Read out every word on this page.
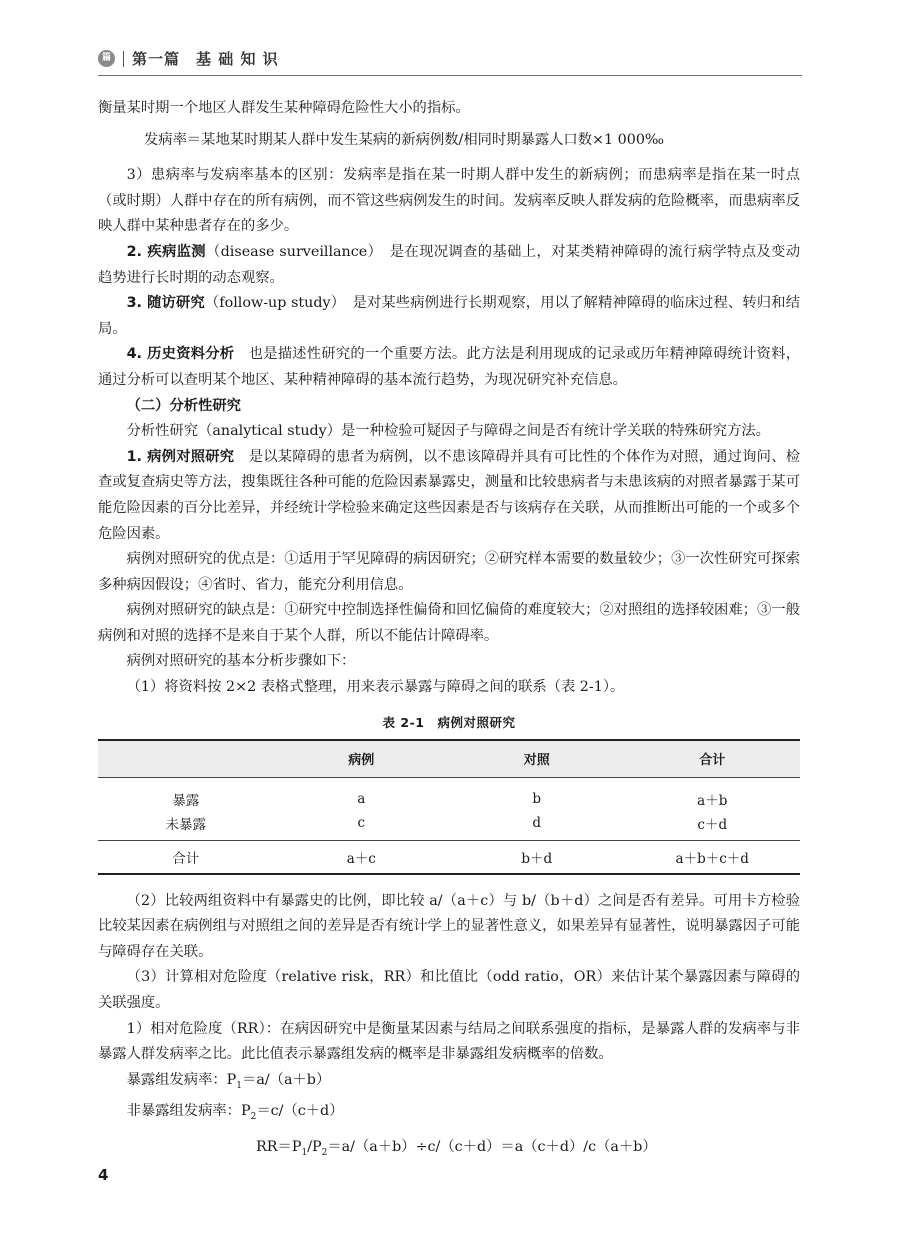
篇 第一篇　基 础 知 识

衡量某时期一个地区人群发生某种障碍危险性大小的指标。

发病率＝某地某时期某人群中发生某病的新病例数/相同时期暴露人口数×1 000‰

3）患病率与发病率基本的区别：发病率是指在某一时期人群中发生的新病例；而患病率是指在某一时点（或时期）人群中存在的所有病例，而不管这些病例发生的时间。发病率反映人群发病的危险概率，而患病率反映人群中某种患者存在的多少。

2. 疾病监测（disease surveillance）　是在现况调查的基础上，对某类精神障碍的流行病学特点及变动趋势进行长时期的动态观察。

3. 随访研究（follow-up study）　是对某些病例进行长期观察，用以了解精神障碍的临床过程、转归和结局。

4. 历史资料分析　也是描述性研究的一个重要方法。此方法是利用现成的记录或历年精神障碍统计资料，通过分析可以查明某个地区、某种精神障碍的基本流行趋势，为现况研究补充信息。

（二）分析性研究

分析性研究（analytical study）是一种检验可疑因子与障碍之间是否有统计学关联的特殊研究方法。

1. 病例对照研究　是以某障碍的患者为病例，以不患该障碍并具有可比性的个体作为对照，通过询问、检查或复查病史等方法，搜集既往各种可能的危险因素暴露史，测量和比较患病者与未患该病的对照者暴露于某可能危险因素的百分比差异，并经统计学检验来确定这些因素是否与该病存在关联，从而推断出可能的一个或多个危险因素。

病例对照研究的优点是：①适用于罕见障碍的病因研究；②研究样本需要的数量较少；③一次性研究可探索多种病因假设；④省时、省力，能充分利用信息。

病例对照研究的缺点是：①研究中控制选择性偏倚和回忆偏倚的难度较大；②对照组的选择较困难；③一般病例和对照的选择不是来自于某个人群，所以不能估计障碍率。

病例对照研究的基本分析步骤如下：

（1）将资料按 2×2 表格式整理，用来表示暴露与障碍之间的联系（表 2-1）。

表 2-1　病例对照研究
	病例	对照	合计
暴露	a	b	a＋b
未暴露	c	d	c＋d
合计	a＋c	b＋d	a＋b＋c＋d

（2）比较两组资料中有暴露史的比例，即比较 a/（a＋c）与 b/（b＋d）之间是否有差异。可用卡方检验比较某因素在病例组与对照组之间的差异是否有统计学上的显著性意义，如果差异有显著性，说明暴露因子可能与障碍存在关联。

（3）计算相对危险度（relative risk，RR）和比值比（odd ratio，OR）来估计某个暴露因素与障碍的关联强度。

1）相对危险度（RR）：在病因研究中是衡量某因素与结局之间联系强度的指标，是暴露人群的发病率与非暴露人群发病率之比。此比值表示暴露组发病的概率是非暴露组发病概率的倍数。

暴露组发病率：$P_1=a/(a+b)$

非暴露组发病率：$P_2=c/(c+d)$

$RR=P_1/P_2=a/(a+b)\div c/(c+d)=a(c+d)/c(a+b)$

4
